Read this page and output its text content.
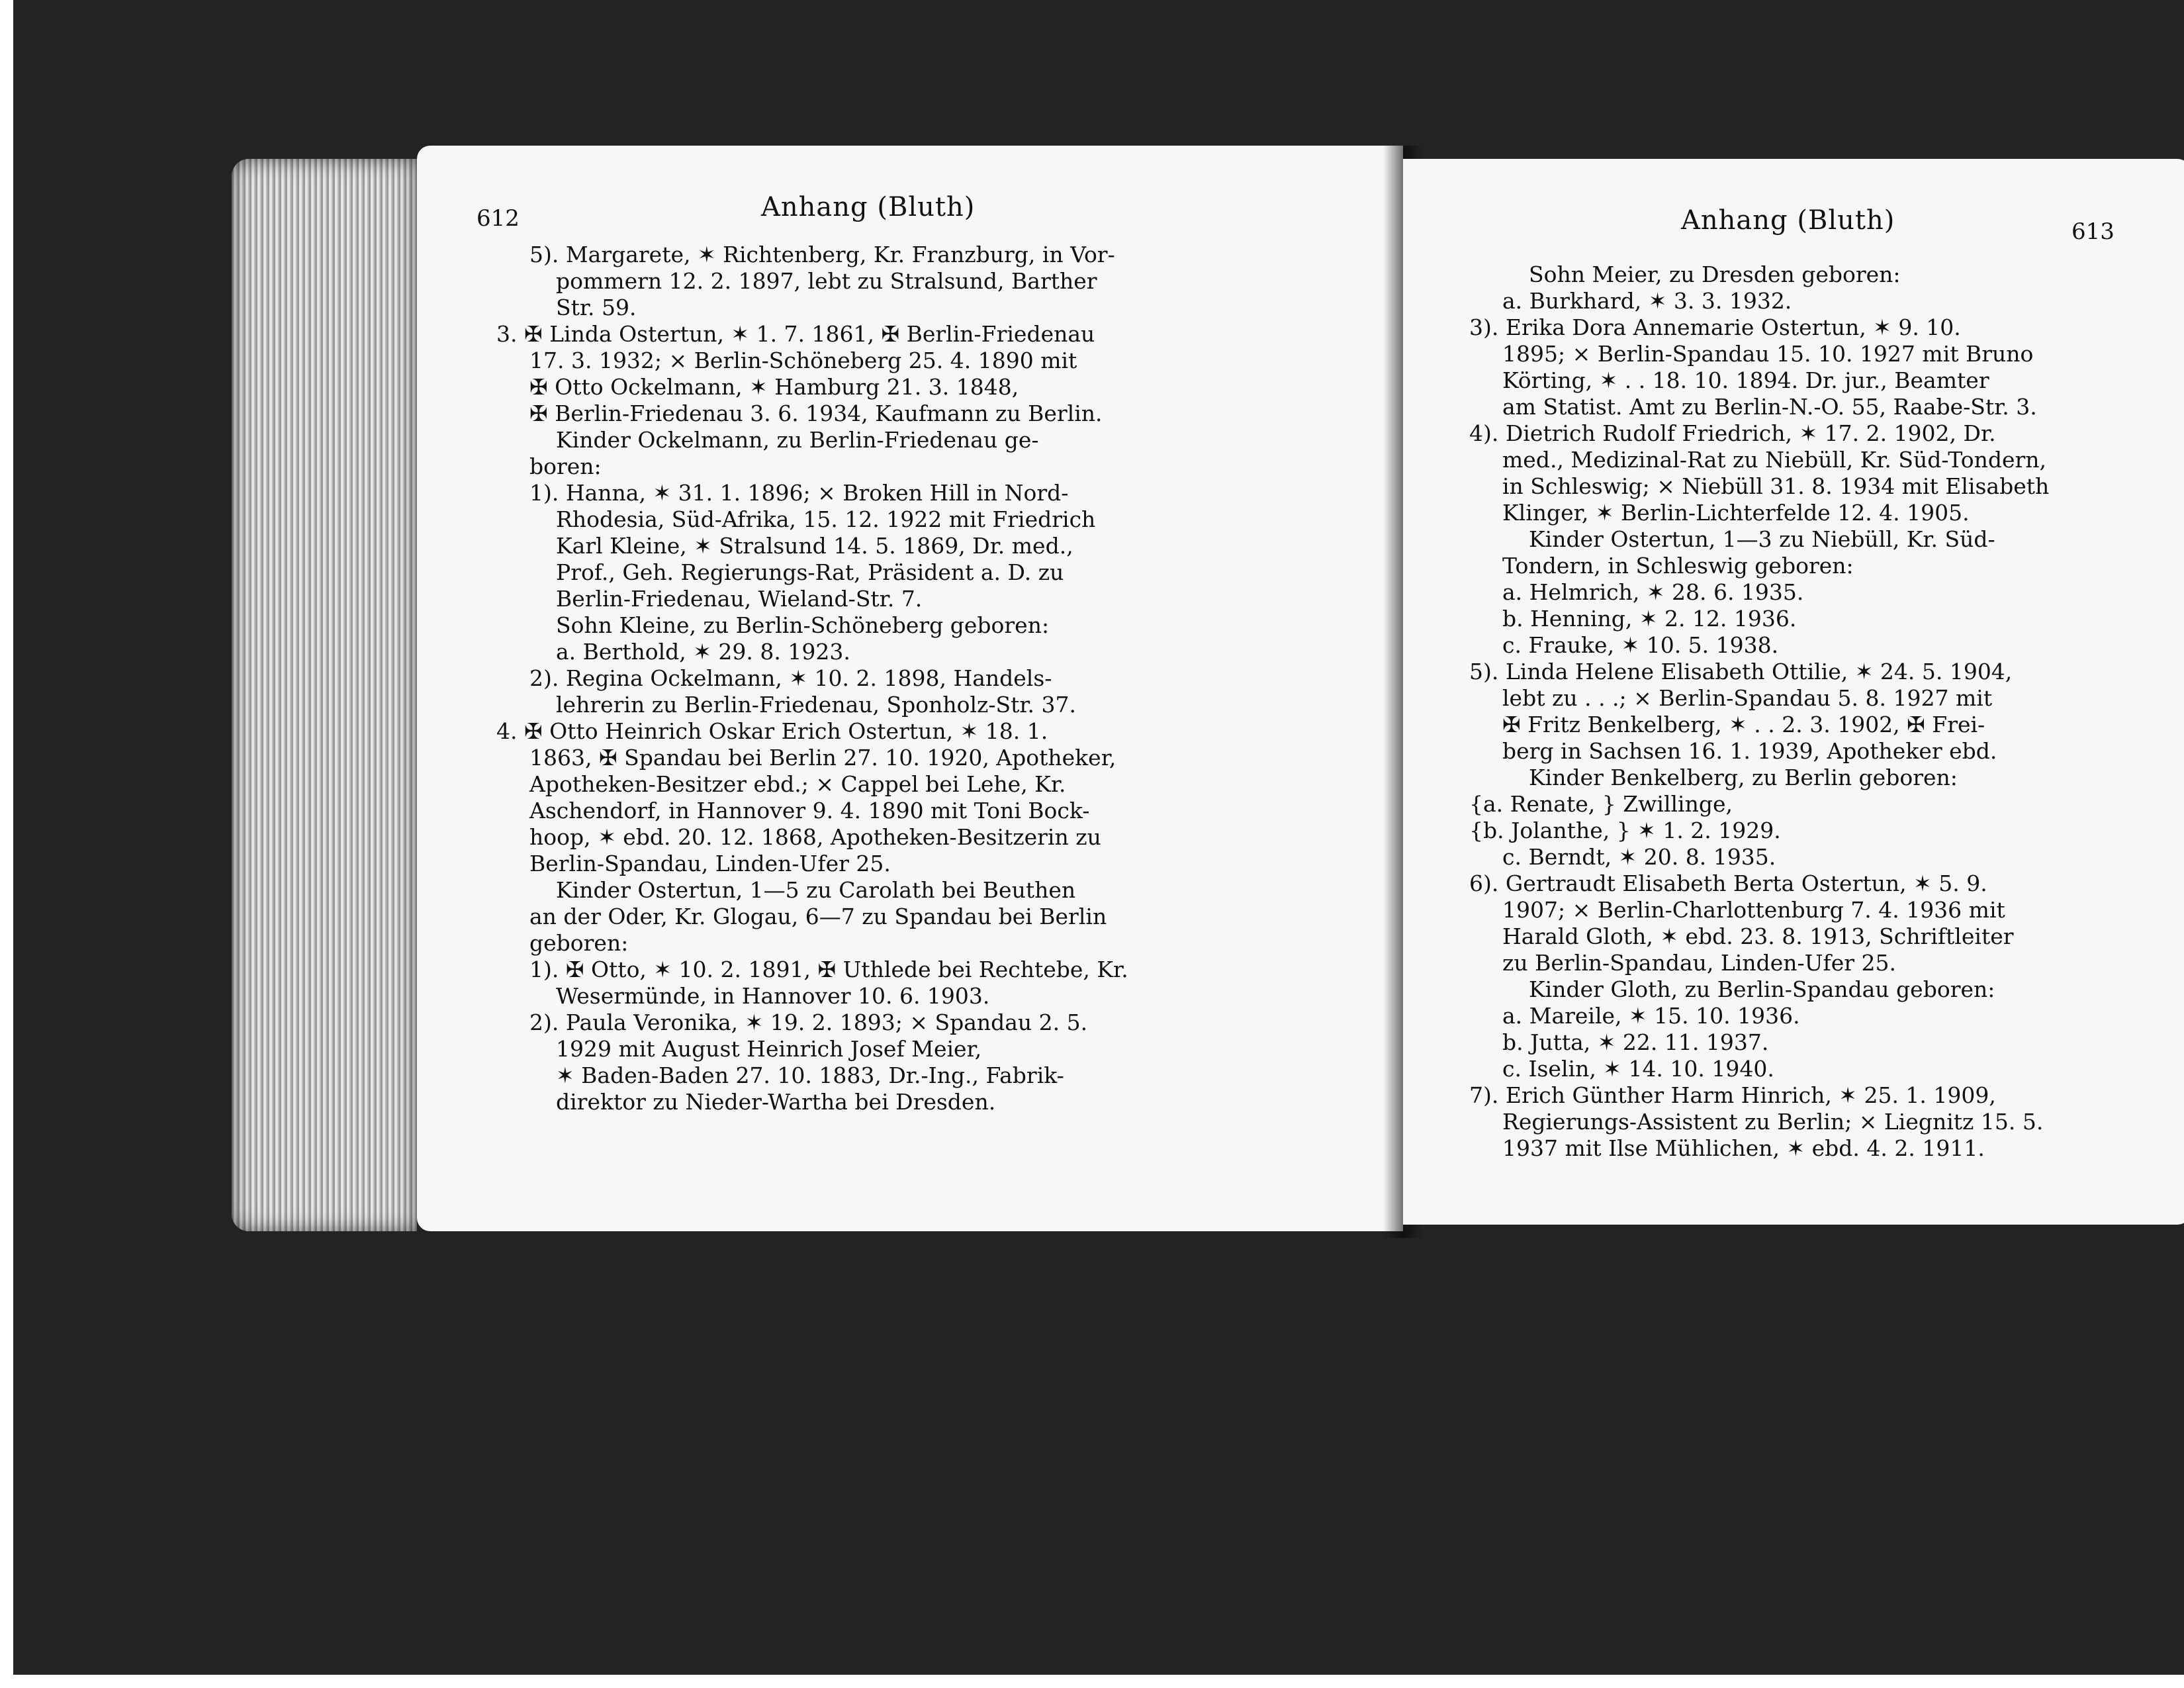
612	Anhang (Bluth)
5). Margarete, ✶ Richtenberg, Kr. Franzburg, in Vor-
pommern 12. 2. 1897, lebt zu Stralsund, Barther
Str. 59.
3. ✠ Linda Ostertun, ✶ 1. 7. 1861, ✠ Berlin-Friedenau
17. 3. 1932; ⨯ Berlin-Schöneberg 25. 4. 1890 mit
✠ Otto Ockelmann, ✶ Hamburg 21. 3. 1848,
✠ Berlin-Friedenau 3. 6. 1934, Kaufmann zu Berlin.
Kinder Ockelmann, zu Berlin-Friedenau ge-
boren:
1). Hanna, ✶ 31. 1. 1896; ⨯ Broken Hill in Nord-
Rhodesia, Süd-Afrika, 15. 12. 1922 mit Friedrich
Karl Kleine, ✶ Stralsund 14. 5. 1869, Dr. med.,
Prof., Geh. Regierungs-Rat, Präsident a. D. zu
Berlin-Friedenau, Wieland-Str. 7.
Sohn Kleine, zu Berlin-Schöneberg geboren:
a. Berthold, ✶ 29. 8. 1923.
2). Regina Ockelmann, ✶ 10. 2. 1898, Handels-
lehrerin zu Berlin-Friedenau, Sponholz-Str. 37.
4. ✠ Otto Heinrich Oskar Erich Ostertun, ✶ 18. 1.
1863, ✠ Spandau bei Berlin 27. 10. 1920, Apotheker,
Apotheken-Besitzer ebd.; ⨯ Cappel bei Lehe, Kr.
Aschendorf, in Hannover 9. 4. 1890 mit Toni Bock-
hoop, ✶ ebd. 20. 12. 1868, Apotheken-Besitzerin zu
Berlin-Spandau, Linden-Ufer 25.
Kinder Ostertun, 1—5 zu Carolath bei Beuthen
an der Oder, Kr. Glogau, 6—7 zu Spandau bei Berlin
geboren:
1). ✠ Otto, ✶ 10. 2. 1891, ✠ Uthlede bei Rechtebe, Kr.
Wesermünde, in Hannover 10. 6. 1903.
2). Paula Veronika, ✶ 19. 2. 1893; ⨯ Spandau 2. 5.
1929 mit August Heinrich Josef Meier,
✶ Baden-Baden 27. 10. 1883, Dr.-Ing., Fabrik-
direktor zu Nieder-Wartha bei Dresden.
Anhang (Bluth)	613
Sohn Meier, zu Dresden geboren:
a. Burkhard, ✶ 3. 3. 1932.
3). Erika Dora Annemarie Ostertun, ✶ 9. 10.
1895; ⨯ Berlin-Spandau 15. 10. 1927 mit Bruno
Körting, ✶ . . 18. 10. 1894. Dr. jur., Beamter
am Statist. Amt zu Berlin-N.-O. 55, Raabe-Str. 3.
4). Dietrich Rudolf Friedrich, ✶ 17. 2. 1902, Dr.
med., Medizinal-Rat zu Niebüll, Kr. Süd-Tondern,
in Schleswig; ⨯ Niebüll 31. 8. 1934 mit Elisabeth
Klinger, ✶ Berlin-Lichterfelde 12. 4. 1905.
Kinder Ostertun, 1—3 zu Niebüll, Kr. Süd-
Tondern, in Schleswig geboren:
a. Helmrich, ✶ 28. 6. 1935.
b. Henning, ✶ 2. 12. 1936.
c. Frauke, ✶ 10. 5. 1938.
5). Linda Helene Elisabeth Ottilie, ✶ 24. 5. 1904,
lebt zu . . .; ⨯ Berlin-Spandau 5. 8. 1927 mit
✠ Fritz Benkelberg, ✶ . . 2. 3. 1902, ✠ Frei-
berg in Sachsen 16. 1. 1939, Apotheker ebd.
Kinder Benkelberg, zu Berlin geboren:
{a. Renate, } Zwillinge,
{b. Jolanthe, } ✶ 1. 2. 1929.
c. Berndt, ✶ 20. 8. 1935.
6). Gertraudt Elisabeth Berta Ostertun, ✶ 5. 9.
1907; ⨯ Berlin-Charlottenburg 7. 4. 1936 mit
Harald Gloth, ✶ ebd. 23. 8. 1913, Schriftleiter
zu Berlin-Spandau, Linden-Ufer 25.
Kinder Gloth, zu Berlin-Spandau geboren:
a. Mareile, ✶ 15. 10. 1936.
b. Jutta, ✶ 22. 11. 1937.
c. Iselin, ✶ 14. 10. 1940.
7). Erich Günther Harm Hinrich, ✶ 25. 1. 1909,
Regierungs-Assistent zu Berlin; ⨯ Liegnitz 15. 5.
1937 mit Ilse Mühlichen, ✶ ebd. 4. 2. 1911.
